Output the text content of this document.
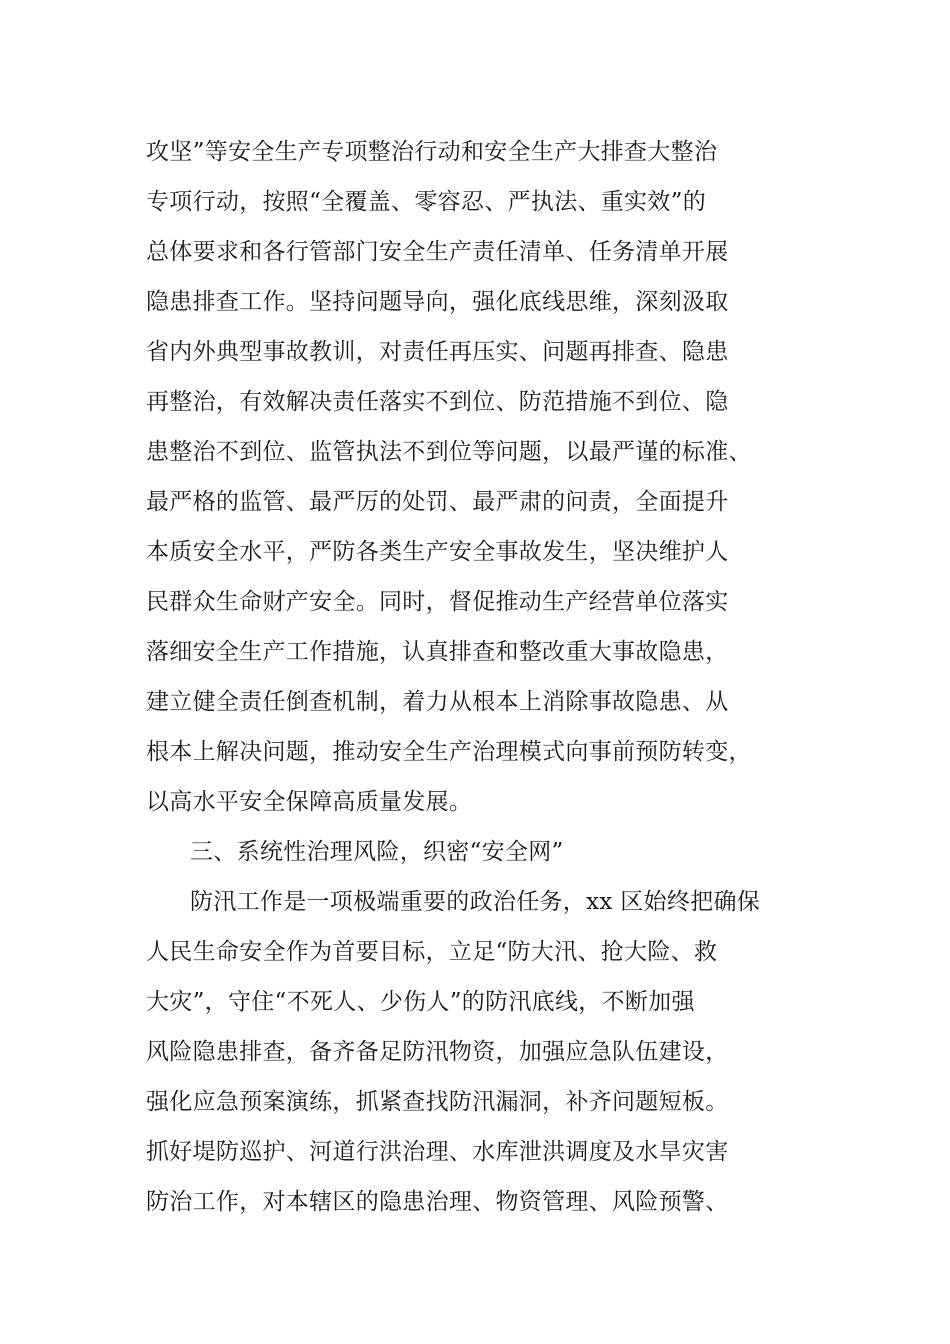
攻坚”等安全生产专项整治行动和安全生产大排查大整治
专项行动，按照“全覆盖、零容忍、严执法、重实效”的
总体要求和各行管部门安全生产责任清单、任务清单开展
隐患排查工作。坚持问题导向，强化底线思维，深刻汲取
省内外典型事故教训，对责任再压实、问题再排查、隐患
再整治，有效解决责任落实不到位、防范措施不到位、隐
患整治不到位、监管执法不到位等问题，以最严谨的标准、
最严格的监管、最严厉的处罚、最严肃的问责，全面提升
本质安全水平，严防各类生产安全事故发生，坚决维护人
民群众生命财产安全。同时，督促推动生产经营单位落实
落细安全生产工作措施，认真排查和整改重大事故隐患，
建立健全责任倒查机制，着力从根本上消除事故隐患、从
根本上解决问题，推动安全生产治理模式向事前预防转变，
以高水平安全保障高质量发展。
三、系统性治理风险，织密“安全网”
防汛工作是一项极端重要的政治任务，xx 区始终把确保
人民生命安全作为首要目标，立足“防大汛、抢大险、救
大灾”，守住“不死人、少伤人”的防汛底线，不断加强
风险隐患排查，备齐备足防汛物资，加强应急队伍建设，
强化应急预案演练，抓紧查找防汛漏洞，补齐问题短板。
抓好堤防巡护、河道行洪治理、水库泄洪调度及水旱灾害
防治工作，对本辖区的隐患治理、物资管理、风险预警、
